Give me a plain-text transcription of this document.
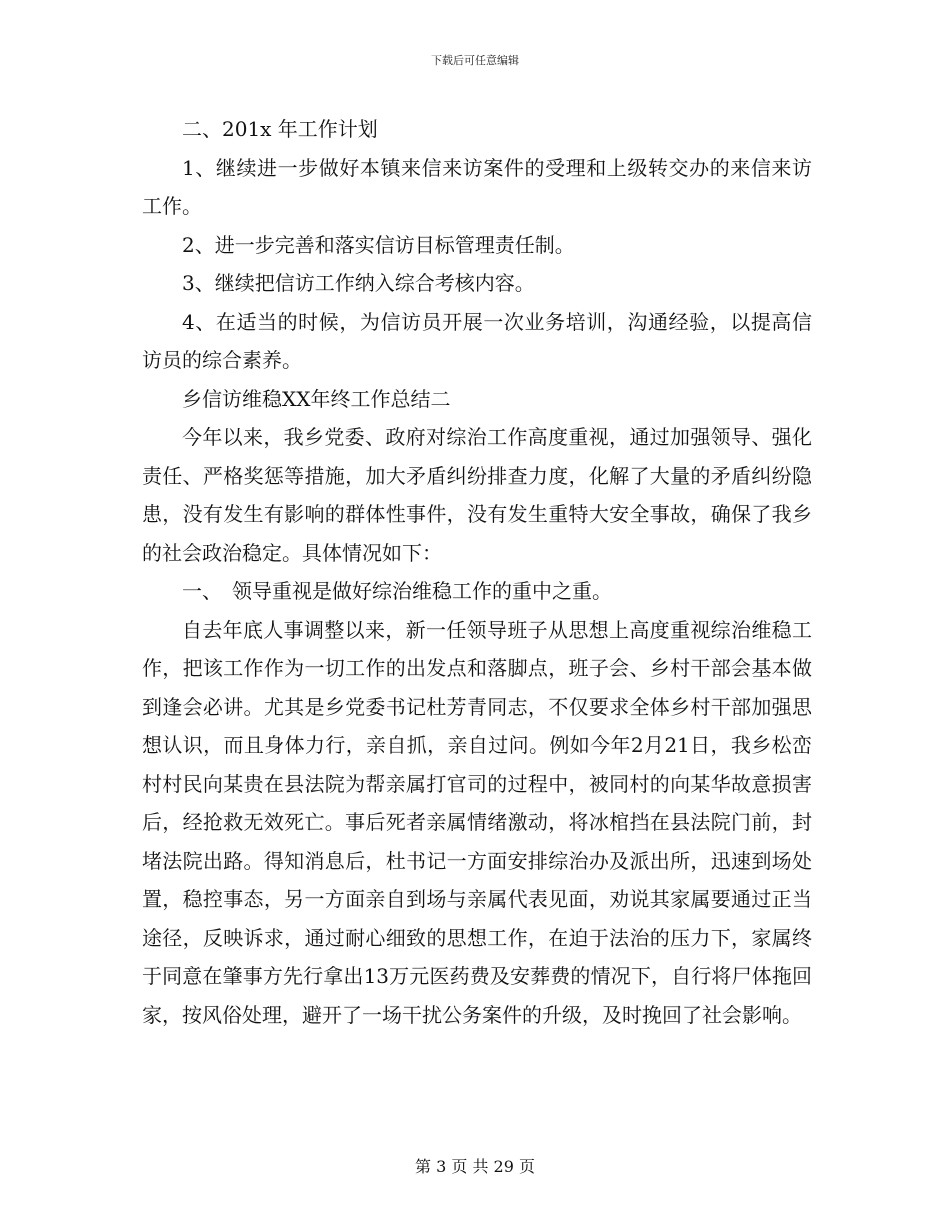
下载后可任意编辑

二、201x 年工作计划

1、继续进一步做好本镇来信来访案件的受理和上级转交办的来信来访工作。

2、进一步完善和落实信访目标管理责任制。

3、继续把信访工作纳入综合考核内容。

4、在适当的时候，为信访员开展一次业务培训，沟通经验，以提高信访员的综合素养。

乡信访维稳XX年终工作总结二

今年以来，我乡党委、政府对综治工作高度重视，通过加强领导、强化责任、严格奖惩等措施，加大矛盾纠纷排查力度，化解了大量的矛盾纠纷隐患，没有发生有影响的群体性事件，没有发生重特大安全事故，确保了我乡的社会政治稳定。具体情况如下：

一、　领导重视是做好综治维稳工作的重中之重。

自去年底人事调整以来，新一任领导班子从思想上高度重视综治维稳工作，把该工作作为一切工作的出发点和落脚点，班子会、乡村干部会基本做到逢会必讲。尤其是乡党委书记杜芳青同志，不仅要求全体乡村干部加强思想认识，而且身体力行，亲自抓，亲自过问。例如今年2月21日，我乡松峦村村民向某贵在县法院为帮亲属打官司的过程中，被同村的向某华故意损害后，经抢救无效死亡。事后死者亲属情绪激动，将冰棺挡在县法院门前，封堵法院出路。得知消息后，杜书记一方面安排综治办及派出所，迅速到场处置，稳控事态，另一方面亲自到场与亲属代表见面，劝说其家属要通过正当途径，反映诉求，通过耐心细致的思想工作，在迫于法治的压力下，家属终于同意在肇事方先行拿出13万元医药费及安葬费的情况下，自行将尸体拖回家，按风俗处理，避开了一场干扰公务案件的升级，及时挽回了社会影响。

第 3 页 共 29 页
